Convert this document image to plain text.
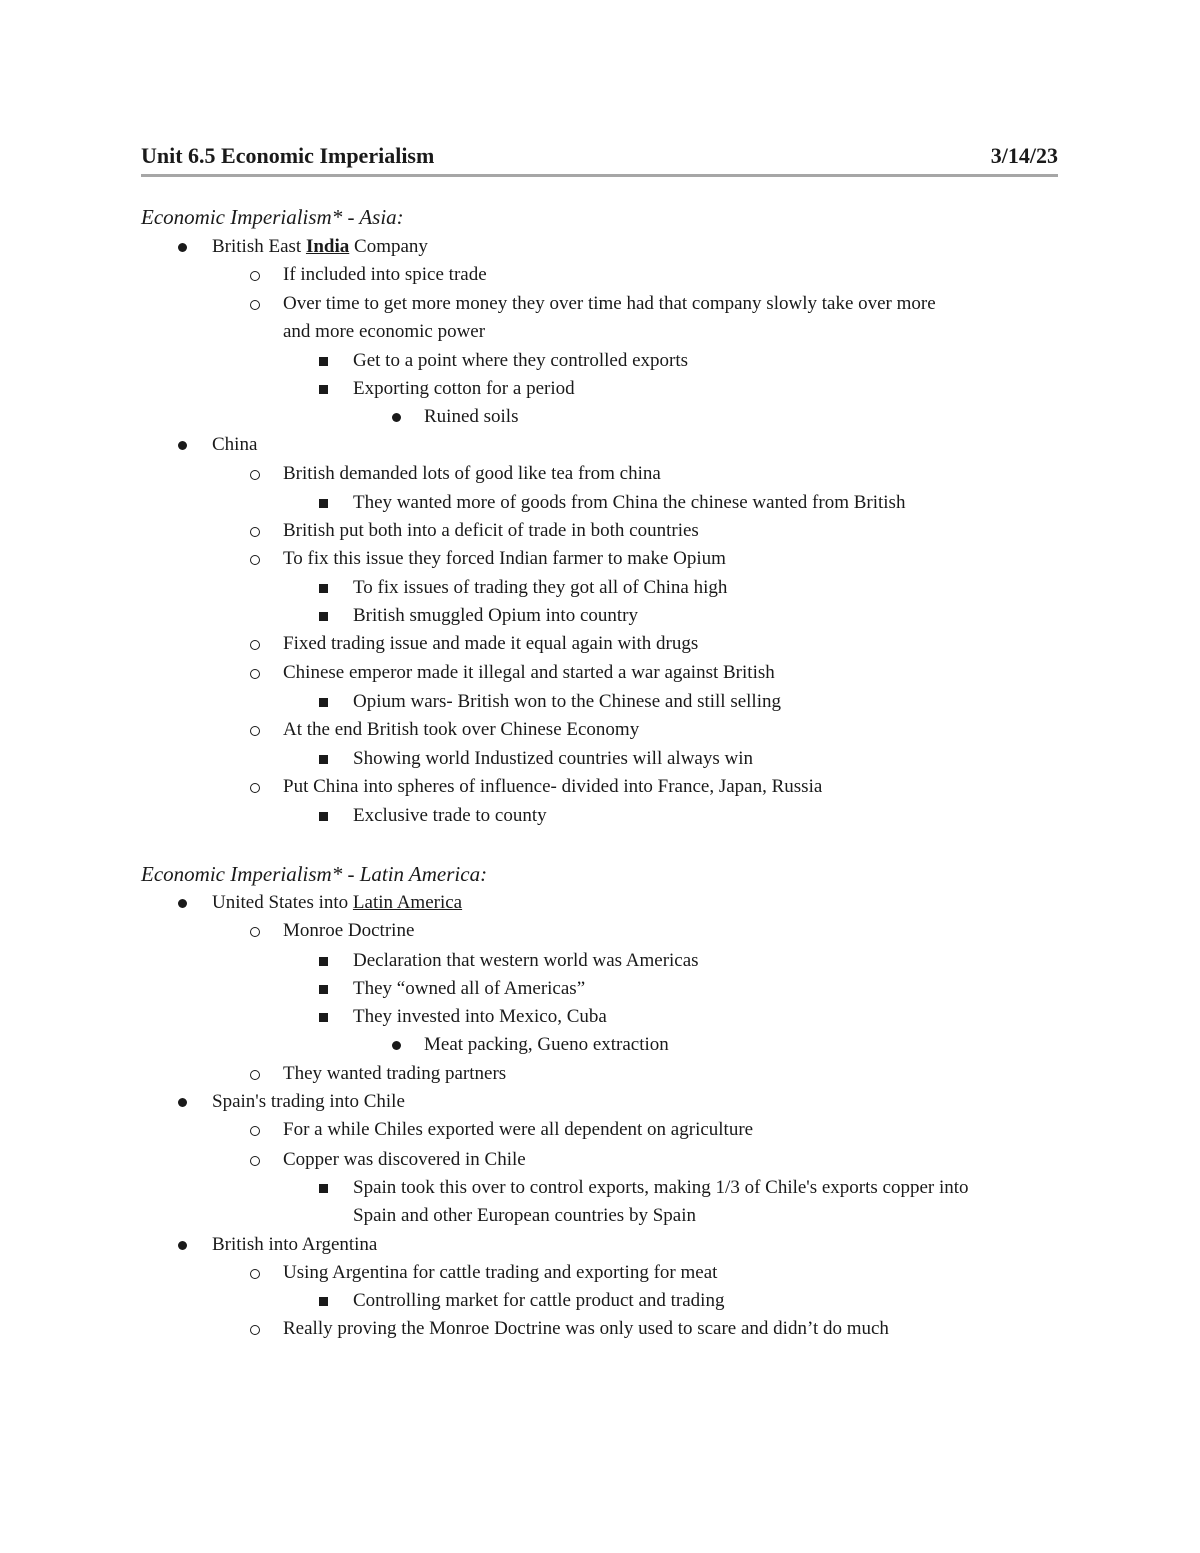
Unit 6.5 Economic Imperialism	3/14/23
Economic Imperialism* - Asia:
British East India Company
If included into spice trade
Over time to get more money they over time had that company slowly take over more
and more economic power
Get to a point where they controlled exports
Exporting cotton for a period
Ruined soils
China
British demanded lots of good like tea from china
They wanted more of goods from China the chinese wanted from British
British put both into a deficit of trade in both countries
To fix this issue they forced Indian farmer to make Opium
To fix issues of trading they got all of China high
British smuggled Opium into country
Fixed trading issue and made it equal again with drugs
Chinese emperor made it illegal and started a war against British
Opium wars- British won to the Chinese and still selling
At the end British took over Chinese Economy
Showing world Industized countries will always win
Put China into spheres of influence- divided into France, Japan, Russia
Exclusive trade to county
Economic Imperialism* - Latin America:
United States into Latin America
Monroe Doctrine
Declaration that western world was Americas
They “owned all of Americas”
They invested into Mexico, Cuba
Meat packing, Gueno extraction
They wanted trading partners
Spain's trading into Chile
For a while Chiles exported were all dependent on agriculture
Copper was discovered in Chile
Spain took this over to control exports, making 1/3 of Chile's exports copper into
Spain and other European countries by Spain
British into Argentina
Using Argentina for cattle trading and exporting for meat
Controlling market for cattle product and trading
Really proving the Monroe Doctrine was only used to scare and didn’t do much
